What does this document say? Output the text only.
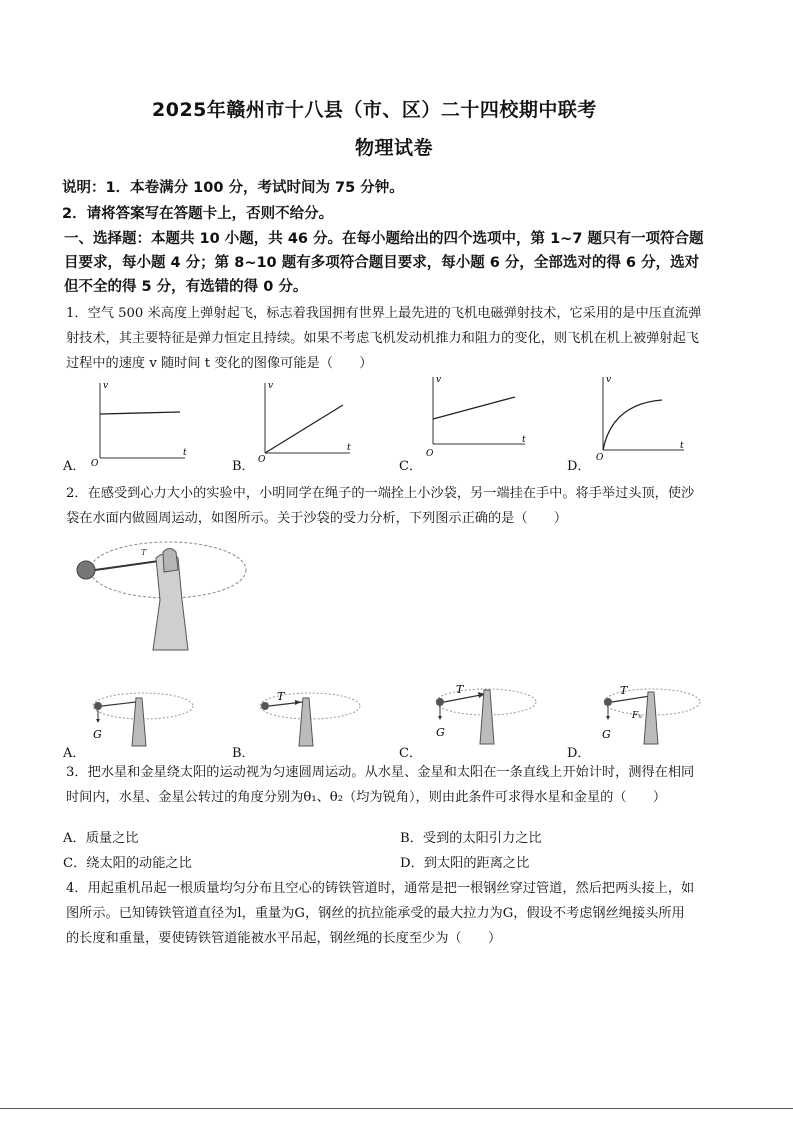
2025年赣州市十八县（市、区）二十四校期中联考
物理试卷
说明：1．本卷满分 100 分，考试时间为 75 分钟。
2．请将答案写在答题卡上，否则不给分。
一、选择题：本题共 10 小题，共 46 分。在每小题给出的四个选项中，第 1~7 题只有一项符合题
目要求，每小题 4 分；第 8~10 题有多项符合题目要求，每小题 6 分，全部选对的得 6 分，选对
但不全的得 5 分，有选错的得 0 分。
1．空气 500 米高度上弹射起飞，标志着我国拥有世界上最先进的飞机电磁弹射技术，它采用的是中压直流弹
射技术，其主要特征是弹力恒定且持续。如果不考虑飞机发动机推力和阻力的变化，则飞机在机上被弹射起飞
过程中的速度 v 随时间 t 变化的图像可能是（　　）
A． O
v
t
B． O
v
t
C．
O
v
t
D．
O
v
t
2．在感受到心力大小的实验中，小明同学在绳子的一端拴上小沙袋，另一端挂在手中。将手举过头顶，使沙
袋在水面内做圆周运动，如图所示。关于沙袋的受力分析，下列图示正确的是（　　）
T
A．
G
B．
T
C．
T
G
D．
T
G
Fₙ
3．把水星和金星绕太阳的运动视为匀速圆周运动。从水星、金星和太阳在一条直线上开始计时，测得在相同
时间内，水星、金星公转过的角度分别为θ₁、θ₂（均为锐角），则由此条件可求得水星和金星的（　　）
A．质量之比	B．受到的太阳引力之比
C．绕太阳的动能之比	D．到太阳的距离之比
4．用起重机吊起一根质量均匀分布且空心的铸铁管道时，通常是把一根钢丝穿过管道，然后把两头接上，如
图所示。已知铸铁管道直径为l，重量为G，钢丝的抗拉能承受的最大拉力为G，假设不考虑钢丝绳接头所用
的长度和重量，要使铸铁管道能被水平吊起，钢丝绳的长度至少为（　　）
